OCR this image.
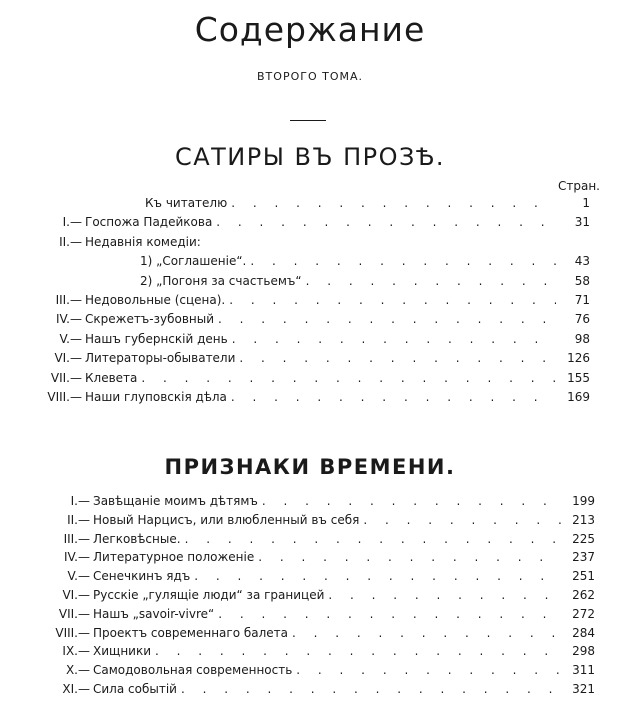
Содержание
ВТОРОГО ТОМА.
САТИРЫ ВЪ ПРОЗѢ.
Стран.
Къ читателю . . .	1
I.— Госпожа Падейкова . . .	31
II.— Недавнія комедіи:
1) „Соглашеніе“. . . .	43
2) „Погоня за счастьемъ“ . . .	58
III.— Недовольные (сцена). . . .	71
IV.— Скрежетъ-зубовный . . .	76
V.— Нашъ губернскій день . . .	98
VI.— Литераторы-обыватели . . .	126
VII.— Клевета . . .	155
VIII.— Наши глуповскія дѣла . . .	169
ПРИЗНАКИ ВРЕМЕНИ.
I.— Завѣщаніе моимъ дѣтямъ . . .	199
II.— Новый Нарцисъ, или влюбленный въ себя . . .	213
III.— Легковѣсные. . . .	225
IV.— Литературное положеніе . . .	237
V.— Сенечкинъ ядъ . . .	251
VI.— Русскіе „гулящіе люди“ за границей . . .	262
VII.— Нашъ „savoir-vivre“ . . .	272
VIII.— Проектъ современнаго балета . . .	284
IX.— Хищники . . .	298
X.— Самодовольная современность . . .	311
XI.— Сила событій . . .	321
